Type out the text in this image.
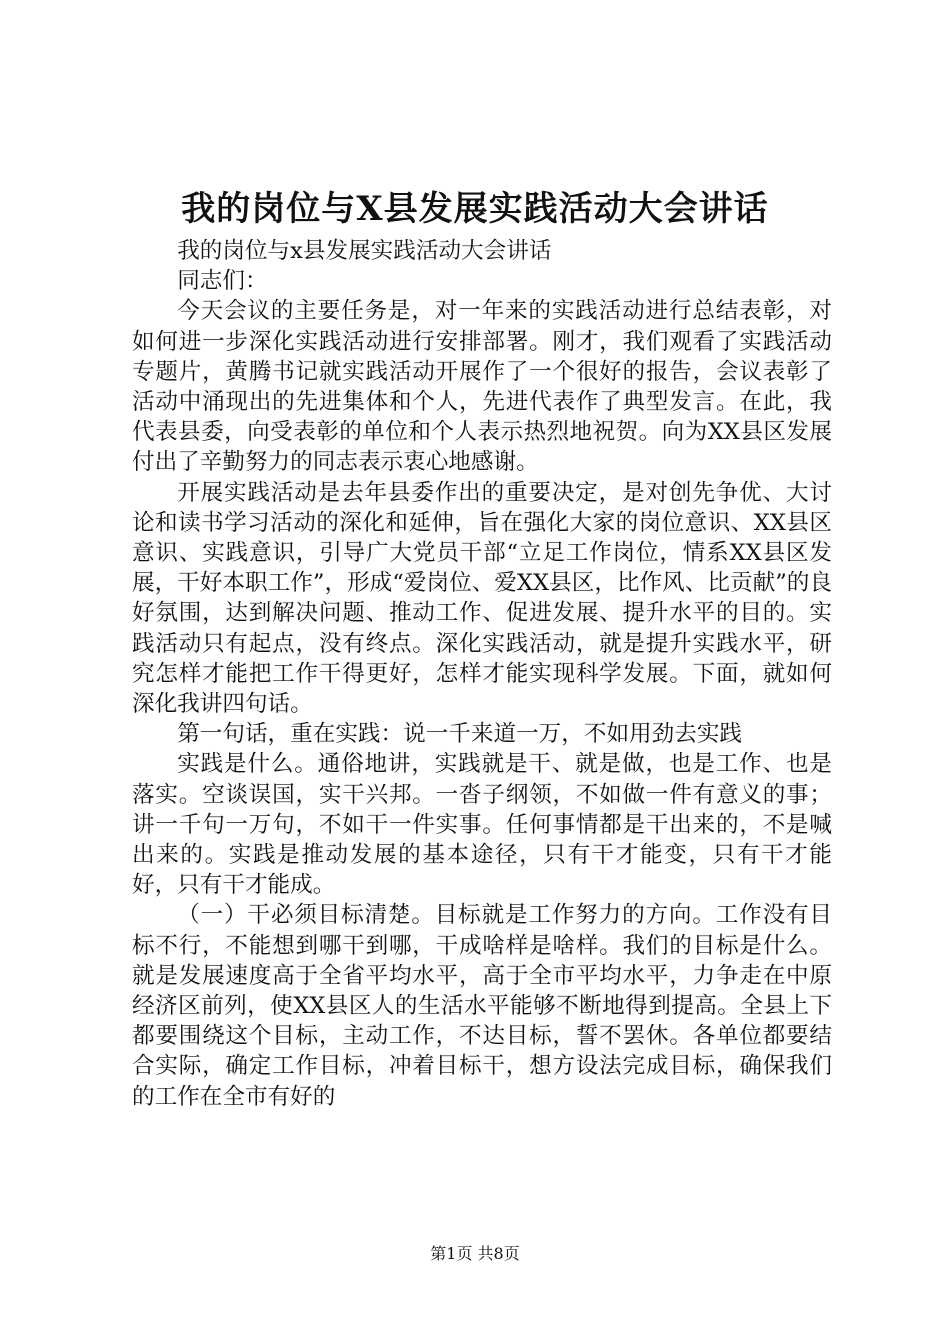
我的岗位与X县发展实践活动大会讲话

我的岗位与x县发展实践活动大会讲话

同志们：

今天会议的主要任务是，对一年来的实践活动进行总结表彰，对如何进一步深化实践活动进行安排部署。刚才，我们观看了实践活动专题片，黄腾书记就实践活动开展作了一个很好的报告，会议表彰了活动中涌现出的先进集体和个人，先进代表作了典型发言。在此，我代表县委，向受表彰的单位和个人表示热烈地祝贺。向为XX县区发展付出了辛勤努力的同志表示衷心地感谢。

开展实践活动是去年县委作出的重要决定，是对创先争优、大讨论和读书学习活动的深化和延伸，旨在强化大家的岗位意识、XX县区意识、实践意识，引导广大党员干部“立足工作岗位，情系XX县区发展，干好本职工作”，形成“爱岗位、爱XX县区，比作风、比贡献”的良好氛围，达到解决问题、推动工作、促进发展、提升水平的目的。实践活动只有起点，没有终点。深化实践活动，就是提升实践水平，研究怎样才能把工作干得更好，怎样才能实现科学发展。下面，就如何深化我讲四句话。

第一句话，重在实践：说一千来道一万，不如用劲去实践

实践是什么。通俗地讲，实践就是干、就是做，也是工作、也是落实。空谈误国，实干兴邦。一沓子纲领，不如做一件有意义的事；讲一千句一万句，不如干一件实事。任何事情都是干出来的，不是喊出来的。实践是推动发展的基本途径，只有干才能变，只有干才能好，只有干才能成。

（一）干必须目标清楚。目标就是工作努力的方向。工作没有目标不行，不能想到哪干到哪，干成啥样是啥样。我们的目标是什么。就是发展速度高于全省平均水平，高于全市平均水平，力争走在中原经济区前列，使XX县区人的生活水平能够不断地得到提高。全县上下都要围绕这个目标，主动工作，不达目标，誓不罢休。各单位都要结合实际，确定工作目标，冲着目标干，想方设法完成目标，确保我们的工作在全市有好的

第1页 共8页
